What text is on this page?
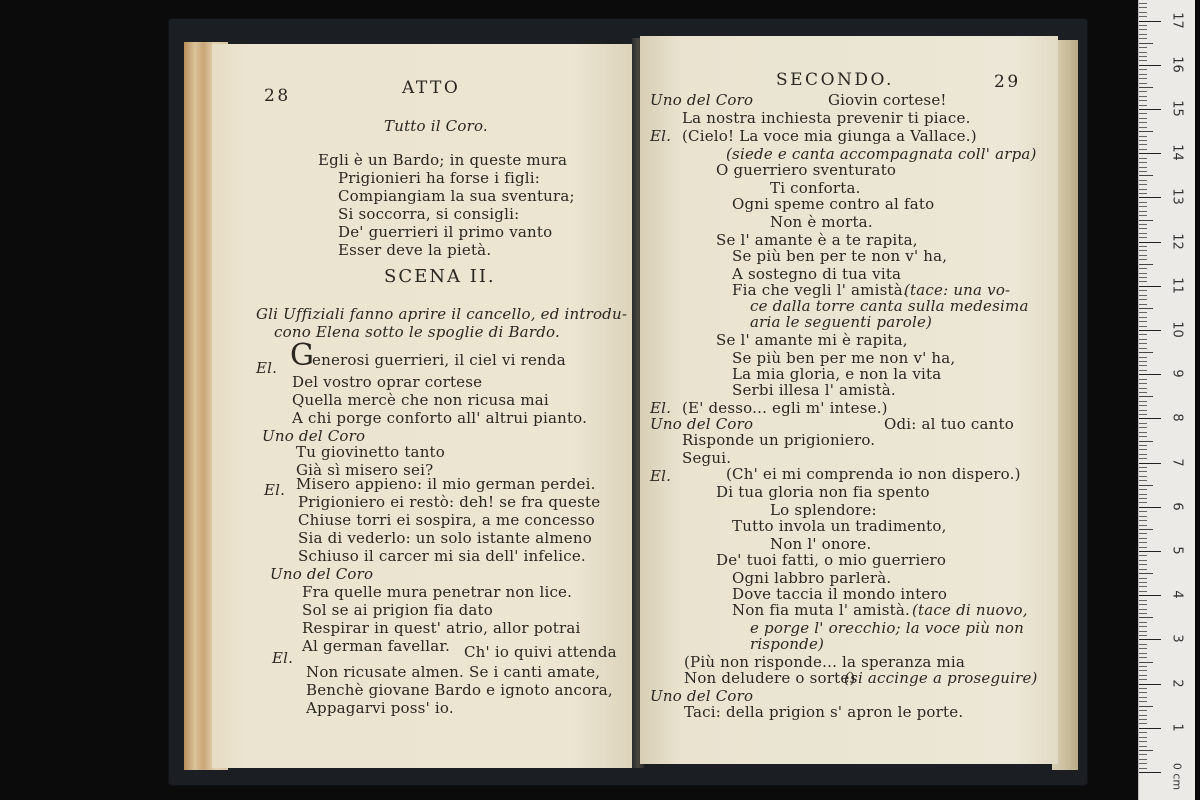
28	ATTO
Tutto il Coro.
Egli è un Bardo; in queste mura
Prigionieri ha forse i figli:
Compiangiam la sua sventura;
Si soccorra, si consigli:
De' guerrieri il primo vanto
Esser deve la pietà.
SCENA II.
Gli Uffiziali fanno aprire il cancello, ed introdu-
cono Elena sotto le spoglie di Bardo.
El. G
enerosi guerrieri, il ciel vi renda
Del vostro oprar cortese
Quella mercè che non ricusa mai
A chi porge conforto all' altrui pianto.
Uno del Coro
Tu giovinetto tanto
Già sì misero sei?
El. Misero appieno: il mio german perdei.
Prigioniero ei restò: deh! se fra queste
Chiuse torri ei sospira, a me concesso
Sia di vederlo: un solo istante almeno
Schiuso il carcer mi sia dell' infelice.
Uno del Coro
Fra quelle mura penetrar non lice.
Sol se ai prigion fia dato
Respirar in quest' atrio, allor potrai
Al german favellar. Ch' io quivi attenda
El.
Non ricusate almen. Se i canti amate,
Benchè giovane Bardo e ignoto ancora,
Appagarvi poss' io.
SECONDO.	29
Uno del Coro	Giovin cortese!
La nostra inchiesta prevenir ti piace.
El. (Cielo! La voce mia giunga a Vallace.)
(siede e canta accompagnata coll' arpa)
O guerriero sventurato
Ti conforta.
Ogni speme contro al fato
Non è morta.
Se l' amante è a te rapita,
Se più ben per te non v' ha,
A sostegno di tua vita
Fia che vegli l' amistà.
(tace: una vo-
ce dalla torre canta sulla medesima
aria le seguenti parole)
Se l' amante mi è rapita,
Se più ben per me non v' ha,
La mia gloria, e non la vita
Serbi illesa l' amistà.
El. (E' desso... egli m' intese.)
Uno del Coro	Odi: al tuo canto
Risponde un prigioniero.
Segui.
El.	(Ch' ei mi comprenda io non dispero.)
Di tua gloria non fia spento
Lo splendore:
Tutto invola un tradimento,
Non l' onore.
De' tuoi fatti, o mio guerriero
Ogni labbro parlerà.
Dove taccia il mondo intero
Non fia muta l' amistà. (tace di nuovo,
e porge l' orecchio; la voce più non
risponde)
(Più non risponde... la speranza mia
Non deludere o sorte)
(si accinge a proseguire)
Uno del Coro
Taci: della prigion s' apron le porte.
0 cm
1
2
3
4
5
6
7
8
9
10
11
12
13
14
15
16
17
